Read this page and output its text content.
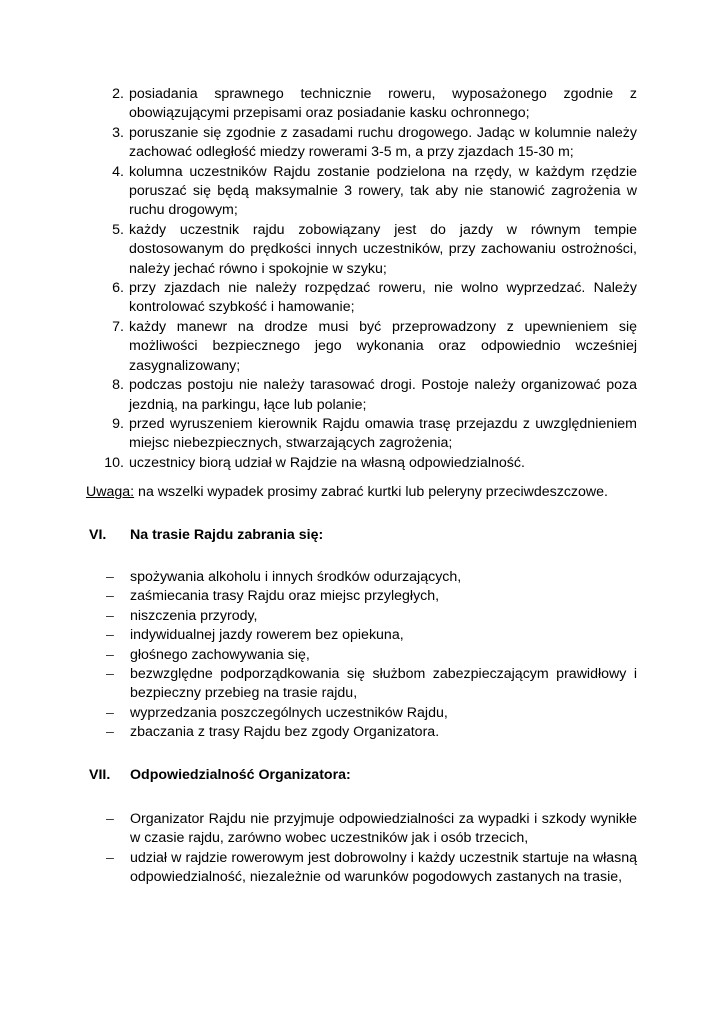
2. posiadania sprawnego technicznie roweru, wyposażonego zgodnie z obowiązującymi przepisami oraz posiadanie kasku ochronnego;
3. poruszanie się zgodnie z zasadami ruchu drogowego. Jadąc w kolumnie należy zachować odległość miedzy rowerami 3-5 m, a przy zjazdach 15-30 m;
4. kolumna uczestników Rajdu zostanie podzielona na rzędy, w każdym rzędzie poruszać się będą maksymalnie 3 rowery, tak aby nie stanowić zagrożenia w ruchu drogowym;
5. każdy uczestnik rajdu zobowiązany jest do jazdy w równym tempie dostosowanym do prędkości innych uczestników, przy zachowaniu ostrożności, należy jechać równo i spokojnie w szyku;
6. przy zjazdach nie należy rozpędzać roweru, nie wolno wyprzedzać. Należy kontrolować szybkość i hamowanie;
7. każdy manewr na drodze musi być przeprowadzony z upewnieniem się możliwości bezpiecznego jego wykonania oraz odpowiednio wcześniej zasygnalizowany;
8. podczas postoju nie należy tarasować drogi. Postoje należy organizować poza jezdnią, na parkingu, łące lub polanie;
9. przed wyruszeniem kierownik Rajdu omawia trasę przejazdu z uwzględnieniem miejsc niebezpiecznych, stwarzających zagrożenia;
10. uczestnicy biorą udział w Rajdzie na własną odpowiedzialność.
Uwaga: na wszelki wypadek prosimy zabrać kurtki lub peleryny przeciwdeszczowe.
VI.	Na trasie Rajdu zabrania się:
– spożywania alkoholu i innych środków odurzających,
– zaśmiecania trasy Rajdu oraz miejsc przyległych,
– niszczenia przyrody,
– indywidualnej jazdy rowerem bez opiekuna,
– głośnego zachowywania się,
– bezwzględne podporządkowania się służbom zabezpieczającym prawidłowy i bezpieczny przebieg na trasie rajdu,
– wyprzedzania poszczególnych uczestników Rajdu,
– zbaczania z trasy Rajdu bez zgody Organizatora.
VII.	Odpowiedzialność Organizatora:
– Organizator Rajdu nie przyjmuje odpowiedzialności za wypadki i szkody wynikłe w czasie rajdu, zarówno wobec uczestników jak i osób trzecich,
– udział w rajdzie rowerowym jest dobrowolny i każdy uczestnik startuje na własną odpowiedzialność, niezależnie od warunków pogodowych zastanych na trasie,
